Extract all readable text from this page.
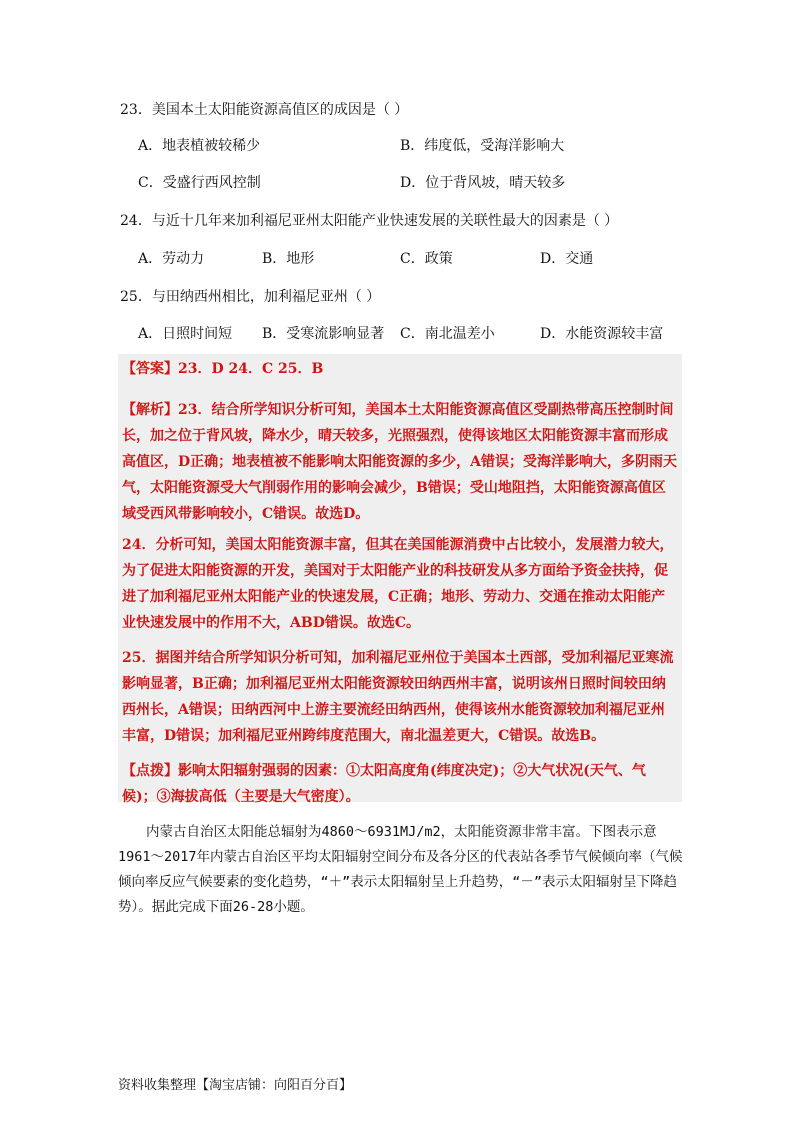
23．美国本土太阳能资源高值区的成因是（ ）
A．地表植被较稀少	B．纬度低，受海洋影响大
C．受盛行西风控制	D．位于背风坡，晴天较多
24．与近十几年来加利福尼亚州太阳能产业快速发展的关联性最大的因素是（ ）
A．劳动力	B．地形	C．政策	D．交通
25．与田纳西州相比，加利福尼亚州（ ）
A．日照时间短 B．受寒流影响显著 C．南北温差小	D．水能资源较丰富
【答案】23．D 24．C 25．B
【解析】23．结合所学知识分析可知，美国本土太阳能资源高值区受副热带高压控制时间长，加之位于背风坡，降水少，晴天较多，光照强烈，使得该地区太阳能资源丰富而形成高值区，D正确；地表植被不能影响太阳能资源的多少，A错误；受海洋影响大，多阴雨天气，太阳能资源受大气削弱作用的影响会减少，B错误；受山地阻挡，太阳能资源高值区域受西风带影响较小，C错误。故选D。
24．分析可知，美国太阳能资源丰富，但其在美国能源消费中占比较小，发展潜力较大，为了促进太阳能资源的开发，美国对于太阳能产业的科技研发从多方面给予资金扶持，促进了加利福尼亚州太阳能产业的快速发展，C正确；地形、劳动力、交通在推动太阳能产业快速发展中的作用不大，ABD错误。故选C。
25．据图并结合所学知识分析可知，加利福尼亚州位于美国本土西部，受加利福尼亚寒流影响显著，B正确；加利福尼亚州太阳能资源较田纳西州丰富，说明该州日照时间较田纳西州长，A错误；田纳西河中上游主要流经田纳西州，使得该州水能资源较加利福尼亚州丰富，D错误；加利福尼亚州跨纬度范围大，南北温差更大，C错误。故选B。
【点拨】影响太阳辐射强弱的因素：①太阳高度角(纬度决定)；②大气状况(天气、气候)；③海拔高低（主要是大气密度）。
内蒙古自治区太阳能总辐射为4860～6931MJ/m2，太阳能资源非常丰富。下图表示意1961～2017年内蒙古自治区平均太阳辐射空间分布及各分区的代表站各季节气候倾向率（气候倾向率反应气候要素的变化趋势，“＋”表示太阳辐射呈上升趋势，“－”表示太阳辐射呈下降趋势）。据此完成下面26-28小题。
资料收集整理【淘宝店铺：向阳百分百】
